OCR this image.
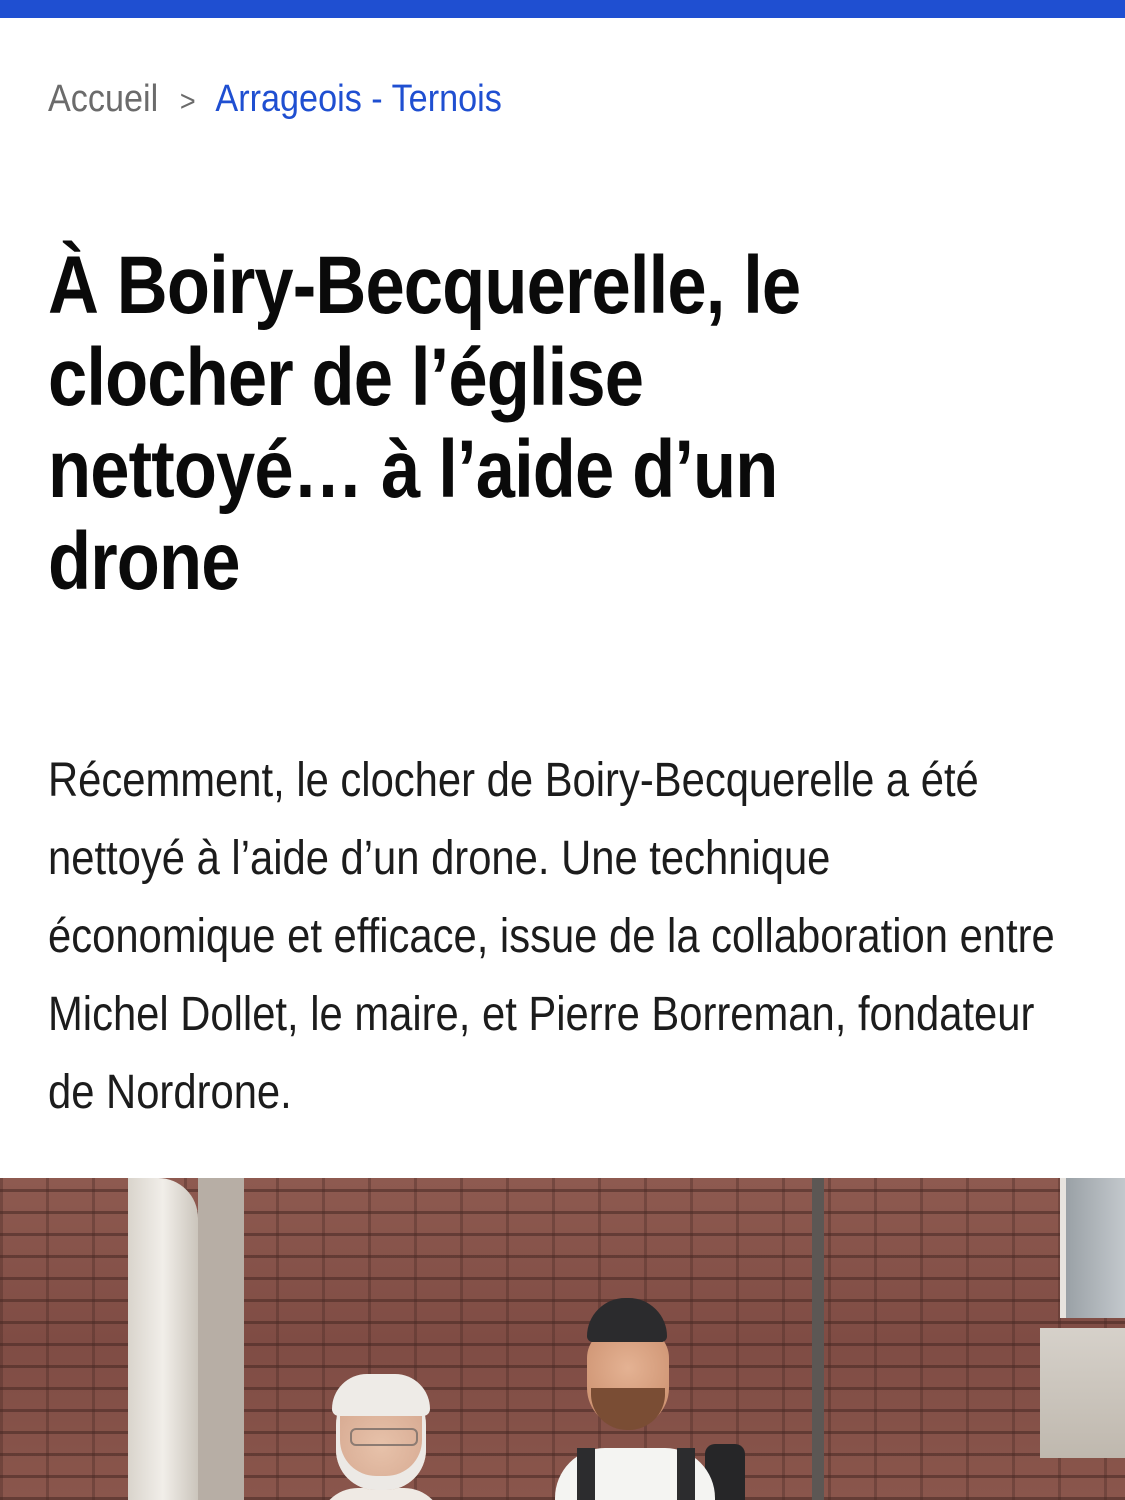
Accueil > Arrageois - Ternois
À Boiry-Becquerelle, le clocher de l’église nettoyé… à l’aide d’un drone

Récemment, le clocher de Boiry-Becquerelle a été nettoyé à l’aide d’un drone. Une technique économique et efficace, issue de la collaboration entre Michel Dollet, le maire, et Pierre Borreman, fondateur de Nordrone.
